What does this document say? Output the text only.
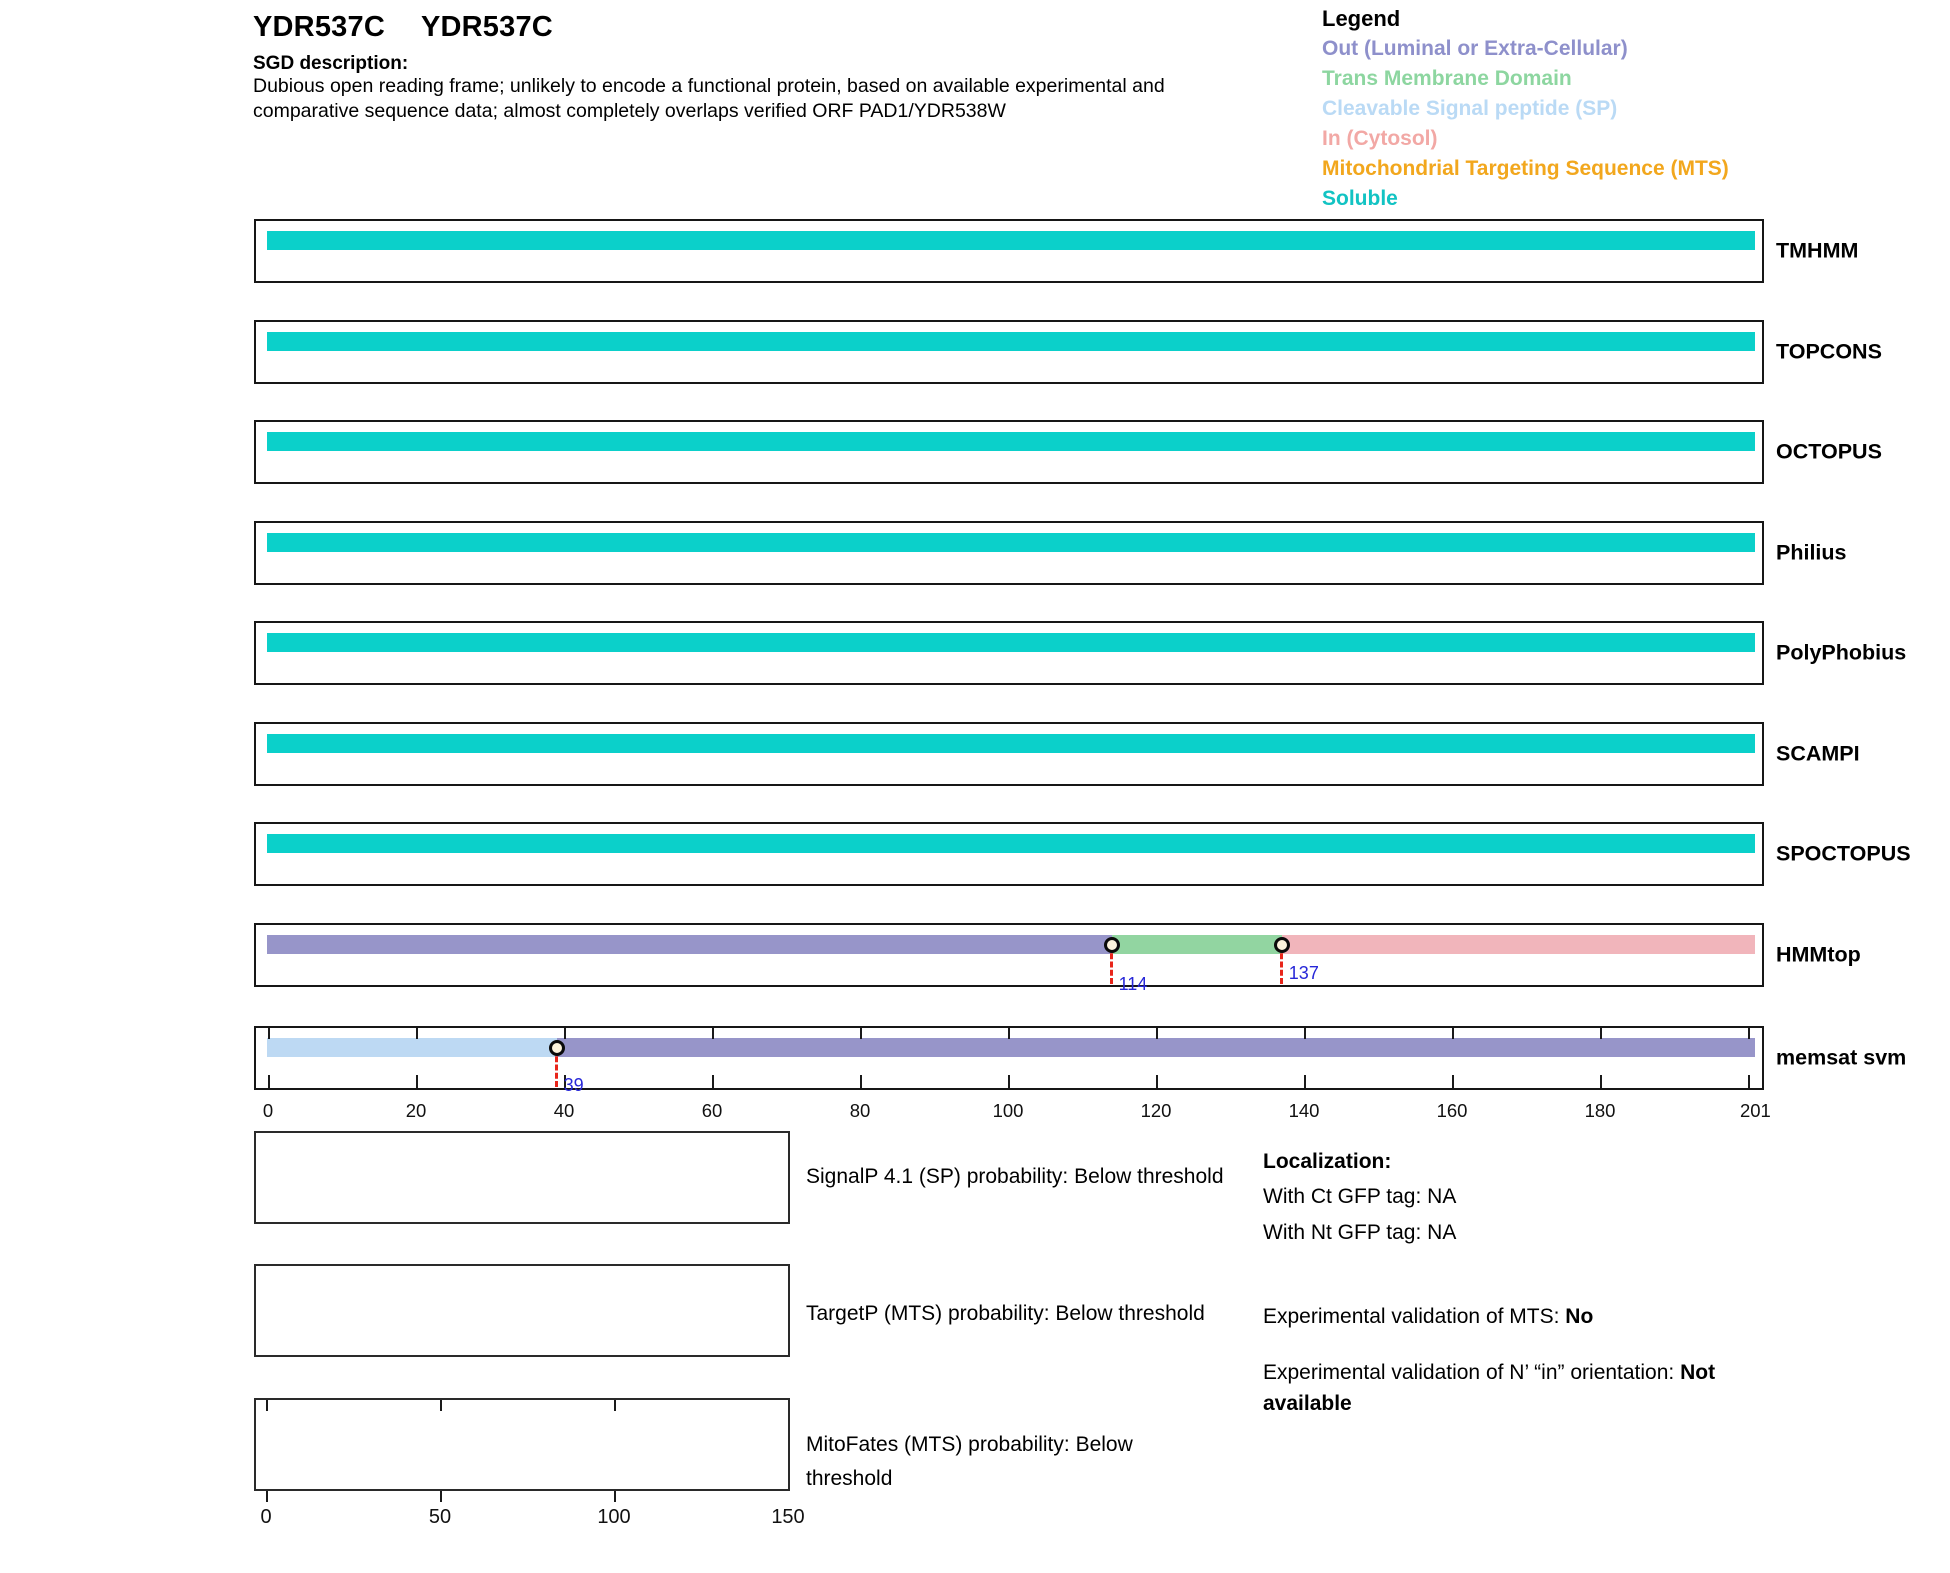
YDR537C YDR537C
SGD description:
Dubious open reading frame; unlikely to encode a functional protein, based on available experimental and
comparative sequence data; almost completely overlaps verified ORF PAD1/YDR538W
Legend
Out (Luminal or Extra-Cellular)
Trans Membrane Domain
Cleavable Signal peptide (SP)
In (Cytosol)
Mitochondrial Targeting Sequence (MTS)
Soluble
TMHMM
TOPCONS
OCTOPUS
Philius
PolyPhobius
SCAMPI
SPOCTOPUS
114
137
HMMtop
39
memsat svm
0	20	40	60	80	100	120	140	160	180	201
SignalP 4.1 (SP) probability: Below threshold
TargetP (MTS) probability: Below threshold
MitoFates (MTS) probability: Below
threshold
0	50	100	150
Localization:
With Ct GFP tag: NA
With Nt GFP tag: NA
Experimental validation of MTS: No
Experimental validation of N’ “in” orientation: Not
available
